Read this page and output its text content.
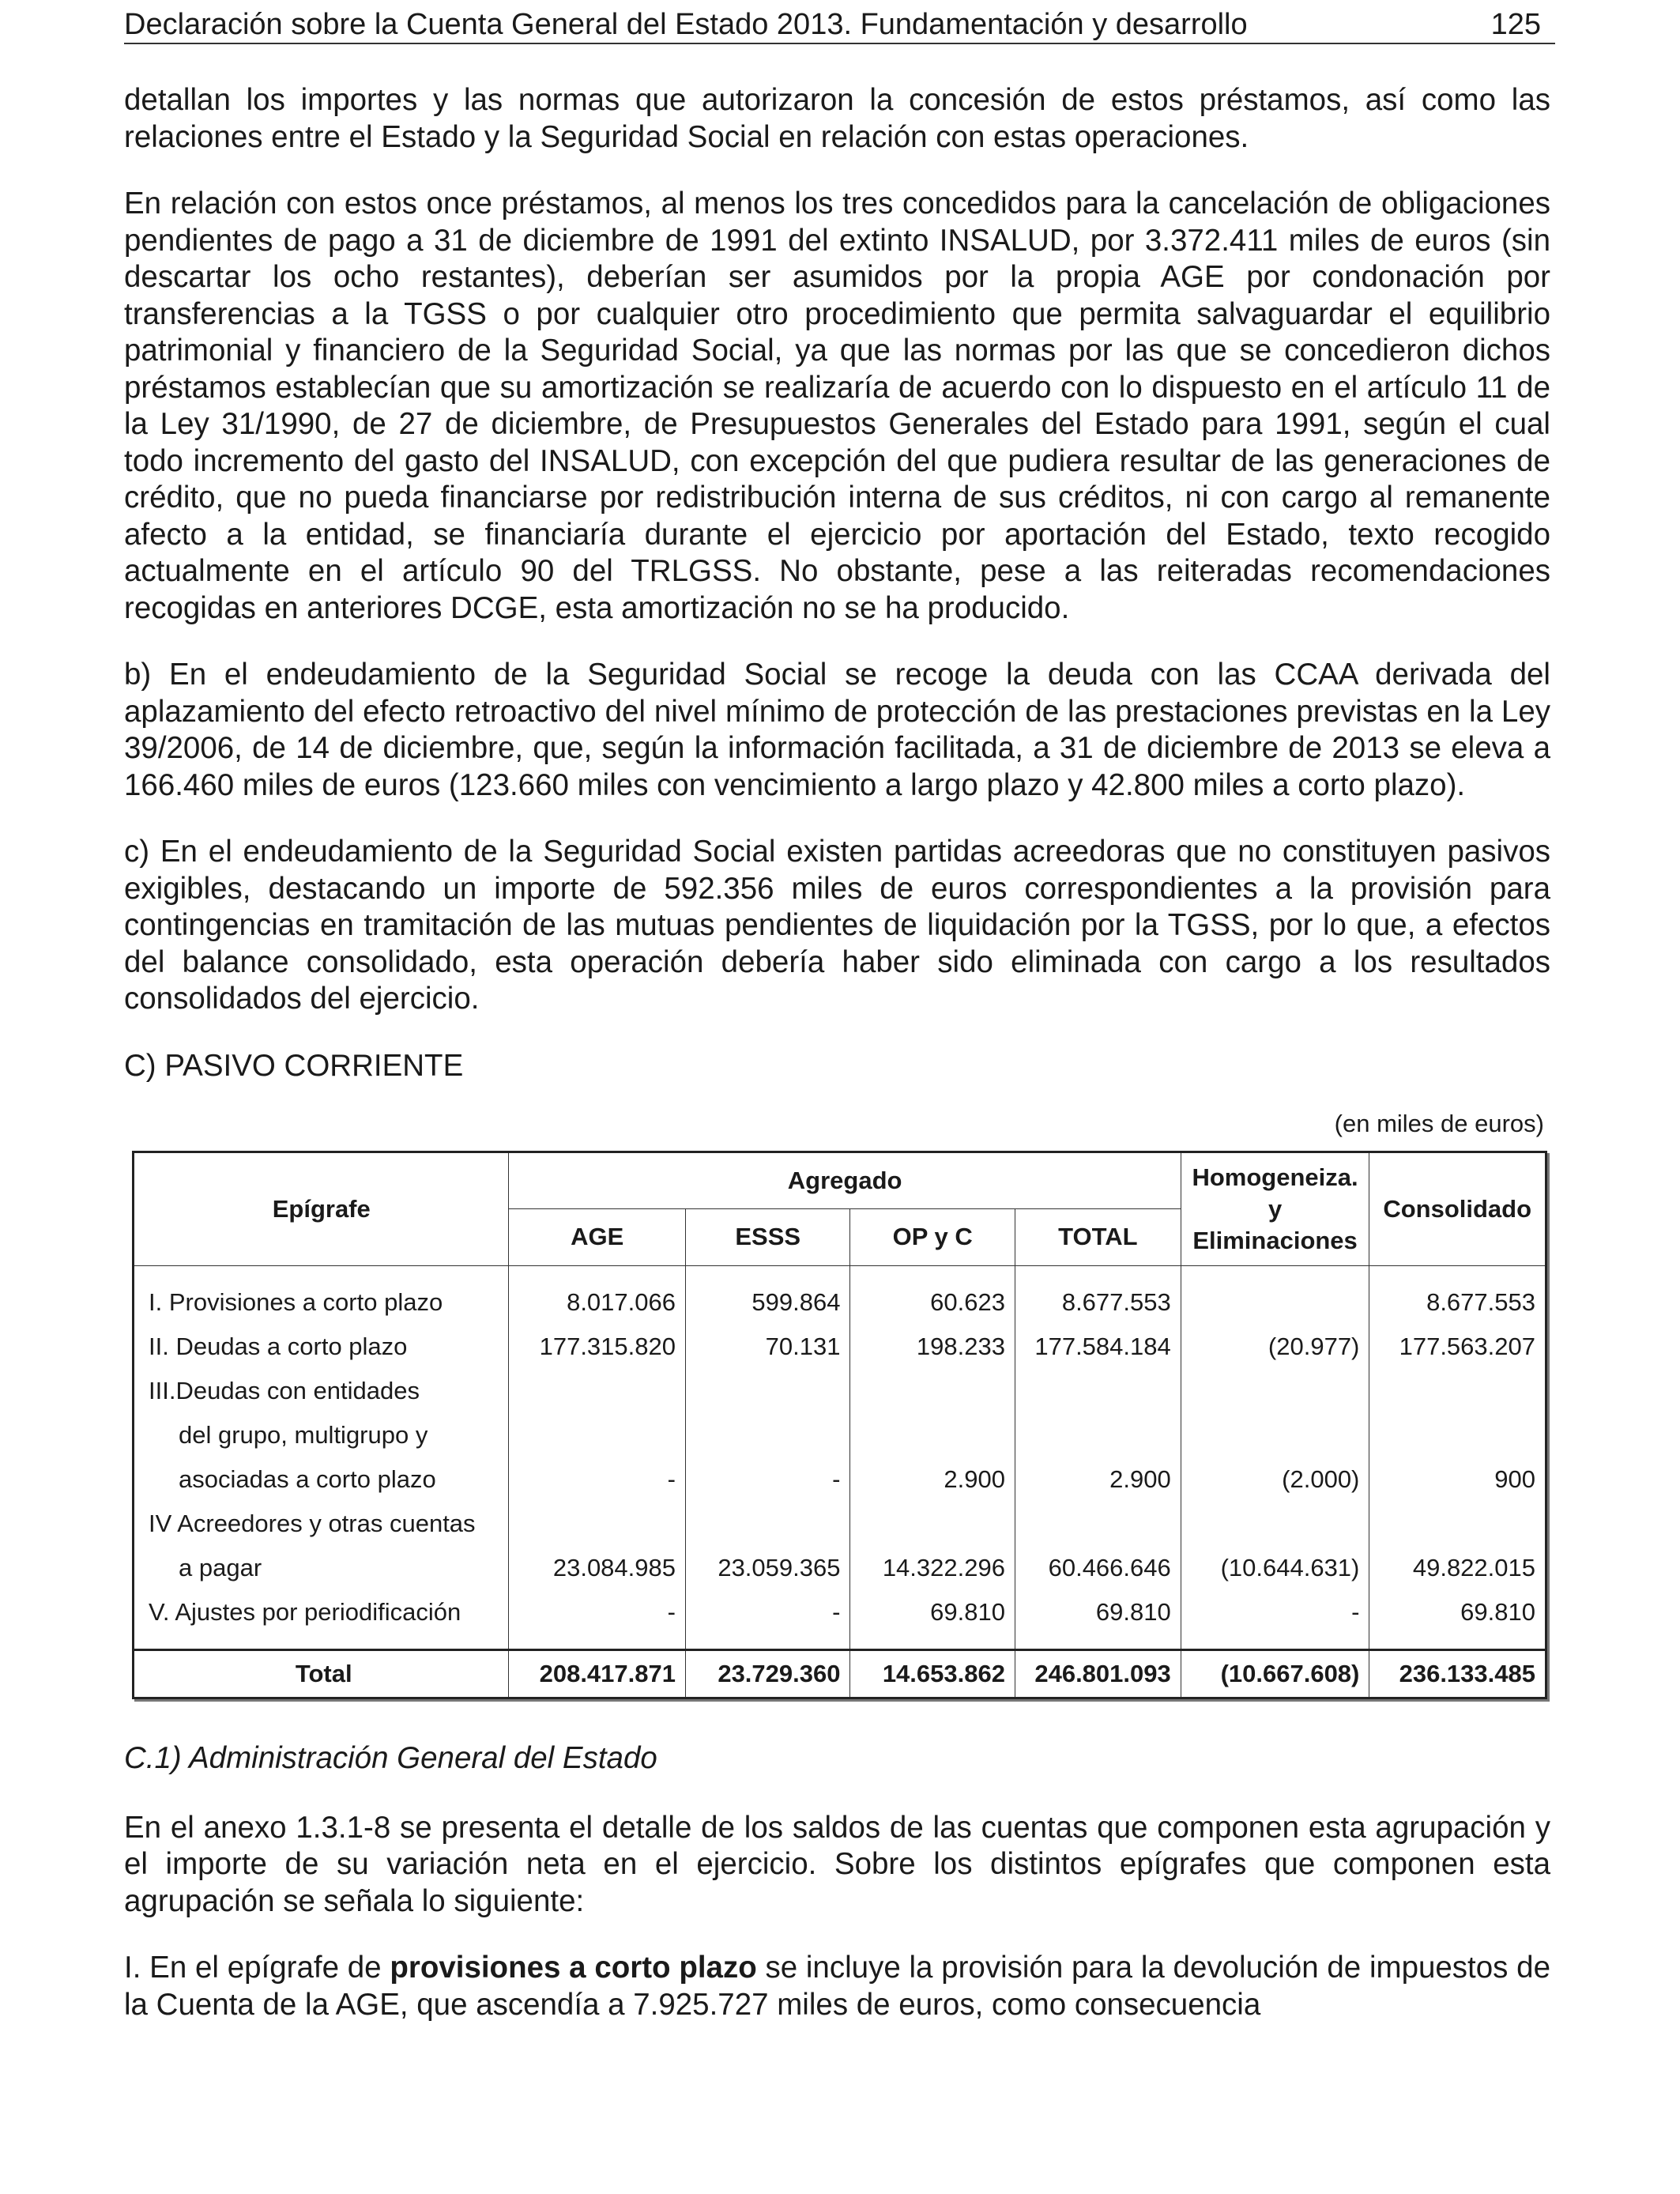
Declaración sobre la Cuenta General del Estado 2013. Fundamentación y desarrollo	125

detallan los importes y las normas que autorizaron la concesión de estos préstamos, así como las relaciones entre el Estado y la Seguridad Social en relación con estas operaciones.

En relación con estos once préstamos, al menos los tres concedidos para la cancelación de obligaciones pendientes de pago a 31 de diciembre de 1991 del extinto INSALUD, por 3.372.411 miles de euros (sin descartar los ocho restantes), deberían ser asumidos por la propia AGE por condonación por transferencias a la TGSS o por cualquier otro procedimiento que permita salvaguardar el equilibrio patrimonial y financiero de la Seguridad Social, ya que las normas por las que se concedieron dichos préstamos establecían que su amortización se realizaría de acuerdo con lo dispuesto en el artículo 11 de la Ley 31/1990, de 27 de diciembre, de Presupuestos Generales del Estado para 1991, según el cual todo incremento del gasto del INSALUD, con excepción del que pudiera resultar de las generaciones de crédito, que no pueda financiarse por redistribución interna de sus créditos, ni con cargo al remanente afecto a la entidad, se financiaría durante el ejercicio por aportación del Estado, texto recogido actualmente en el artículo 90 del TRLGSS. No obstante, pese a las reiteradas recomendaciones recogidas en anteriores DCGE, esta amortización no se ha producido.

b) En el endeudamiento de la Seguridad Social se recoge la deuda con las CCAA derivada del aplazamiento del efecto retroactivo del nivel mínimo de protección de las prestaciones previstas en la Ley 39/2006, de 14 de diciembre, que, según la información facilitada, a 31 de diciembre de 2013 se eleva a 166.460 miles de euros (123.660 miles con vencimiento a largo plazo y 42.800 miles a corto plazo).

c) En el endeudamiento de la Seguridad Social existen partidas acreedoras que no constituyen pasivos exigibles, destacando un importe de 592.356 miles de euros correspondientes a la provisión para contingencias en tramitación de las mutuas pendientes de liquidación por la TGSS, por lo que, a efectos del balance consolidado, esta operación debería haber sido eliminada con cargo a los resultados consolidados del ejercicio.

C) PASIVO CORRIENTE
(en miles de euros)
Epígrafe	Agregado				Homogeneiza.
y
Eliminaciones	Consolidado
	AGE	ESSS	OP y C	TOTAL		

I. Provisiones a corto plazo	8.017.066	599.864	60.623	8.677.553		8.677.553
II. Deudas a corto plazo	177.315.820	70.131	198.233	177.584.184	(20.977)	177.563.207
III.Deudas con entidades						
del grupo, multigrupo y						
asociadas a corto plazo	-	-	2.900	2.900	(2.000)	900
IV Acreedores y otras cuentas						
a pagar	23.084.985	23.059.365	14.322.296	60.466.646	(10.644.631)	49.822.015
V. Ajustes por periodificación	-	-	69.810	69.810	-	69.810

Total	208.417.871	23.729.360	14.653.862	246.801.093	(10.667.608)	236.133.485
C.1) Administración General del Estado

En el anexo 1.3.1-8 se presenta el detalle de los saldos de las cuentas que componen esta agrupación y el importe de su variación neta en el ejercicio. Sobre los distintos epígrafes que componen esta agrupación se señala lo siguiente:

I. En el epígrafe de provisiones a corto plazo se incluye la provisión para la devolución de impuestos de la Cuenta de la AGE, que ascendía a 7.925.727 miles de euros, como consecuencia
